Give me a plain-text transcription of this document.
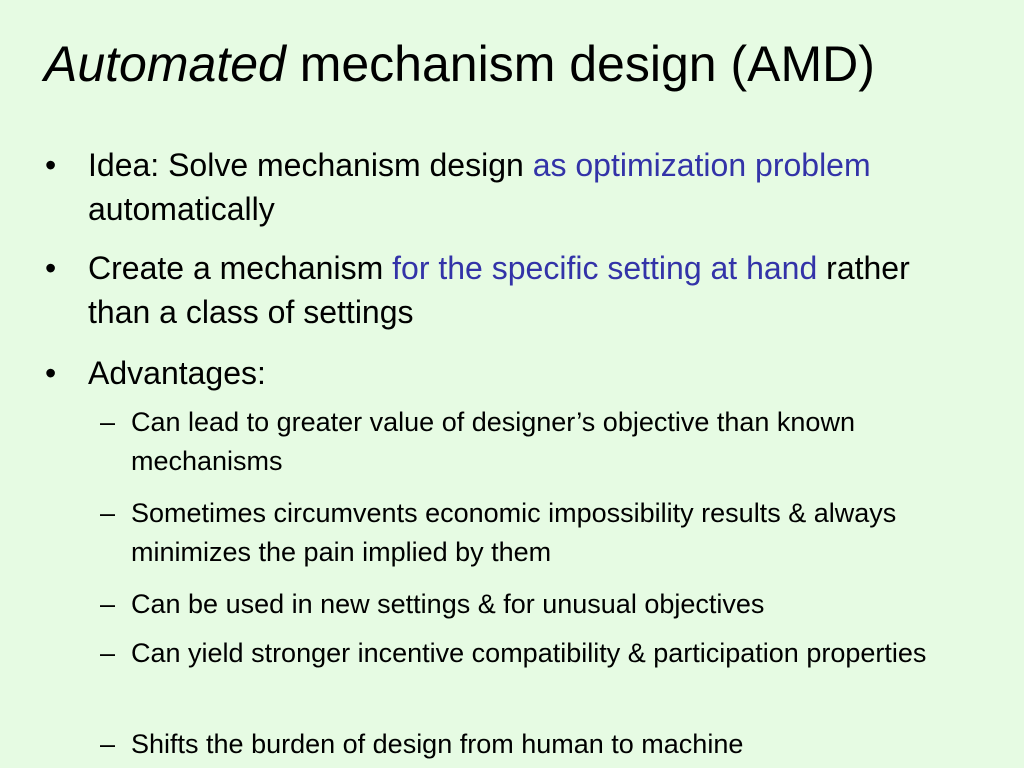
Automated mechanism design (AMD)
• Idea: Solve mechanism design as optimization problem automatically
• Create a mechanism for the specific setting at hand rather than a class of settings
• Advantages:
– Can lead to greater value of designer’s objective than known mechanisms
– Sometimes circumvents economic impossibility results & always minimizes the pain implied by them
– Can be used in new settings & for unusual objectives
– Can yield stronger incentive compatibility & participation properties
– Shifts the burden of design from human to machine
